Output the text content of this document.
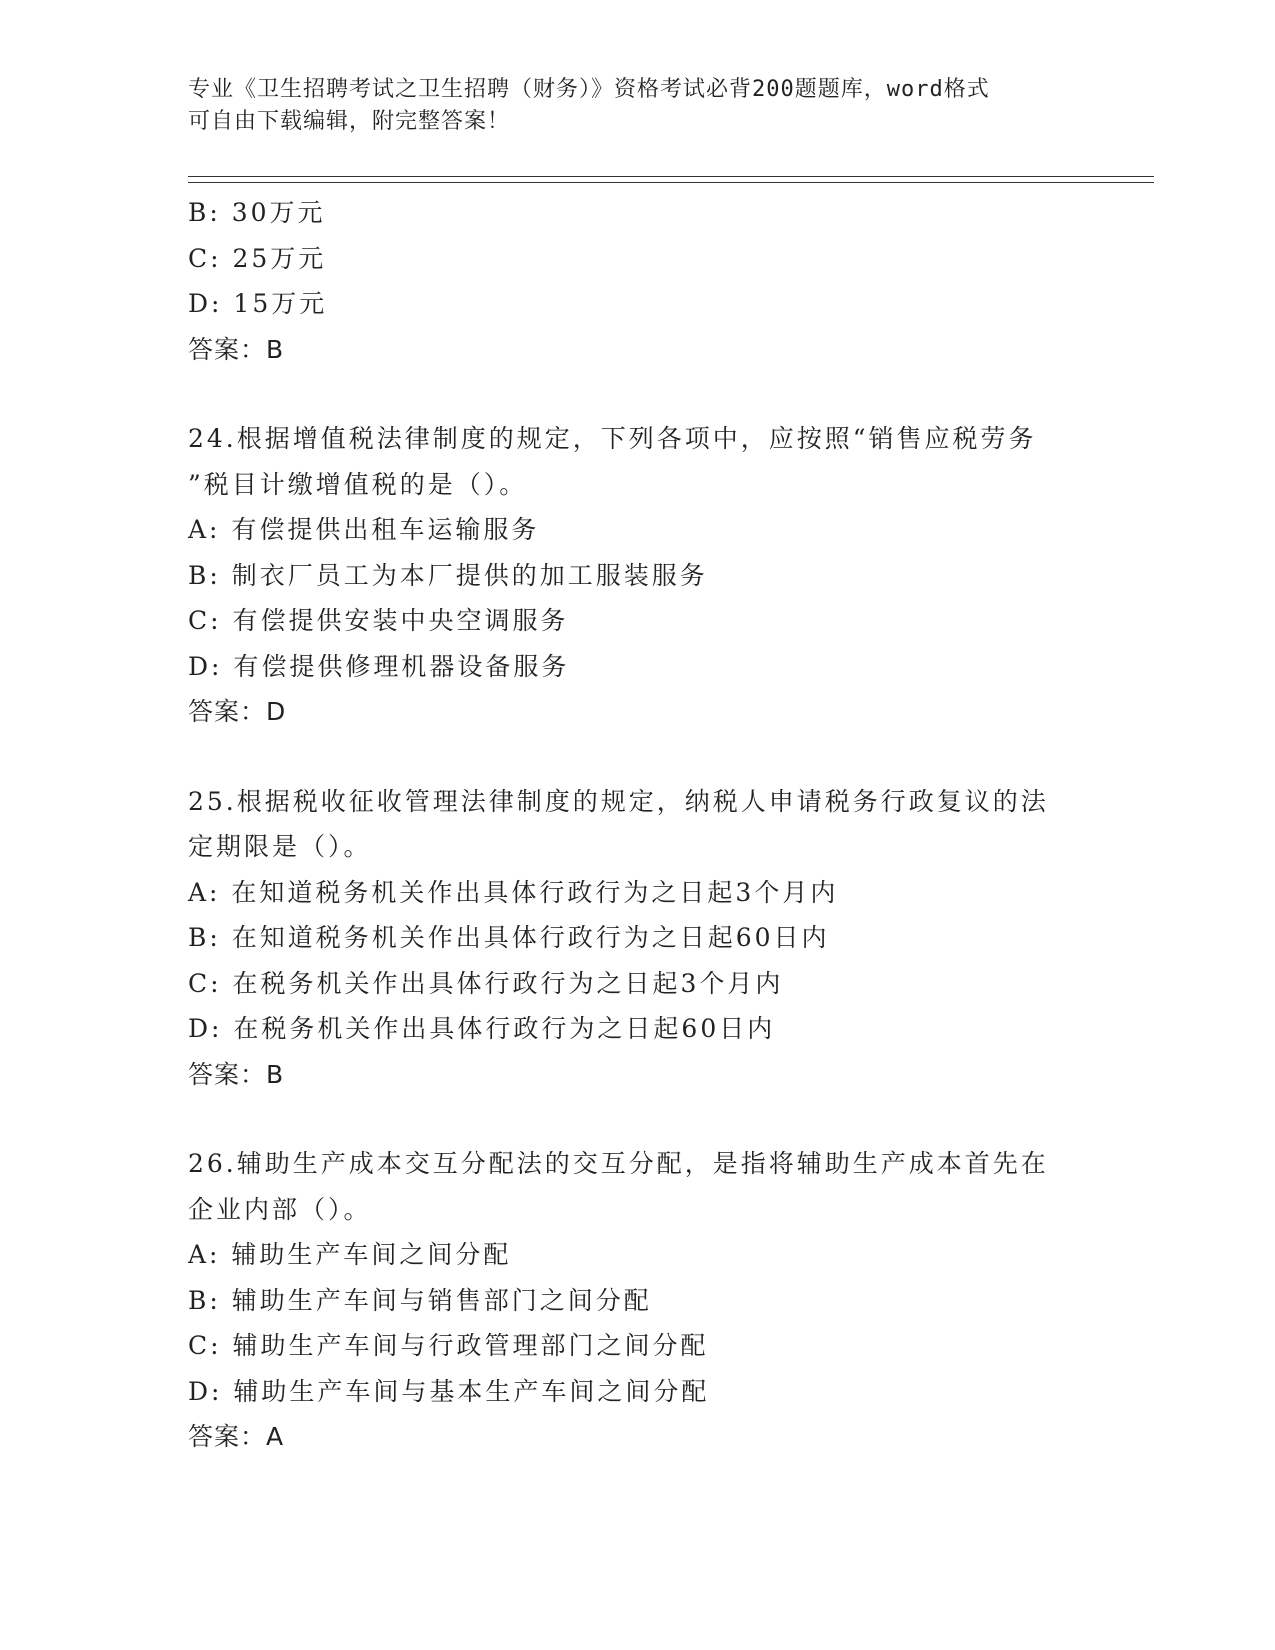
专业《卫生招聘考试之卫生招聘（财务）》资格考试必背200题题库，word格式
可自由下载编辑，附完整答案！
B: 30万元
C: 25万元
D: 15万元
答案：B
24.根据增值税法律制度的规定，下列各项中，应按照“销售应税劳务
”税目计缴增值税的是（）。
A: 有偿提供出租车运输服务
B: 制衣厂员工为本厂提供的加工服装服务
C: 有偿提供安装中央空调服务
D: 有偿提供修理机器设备服务
答案：D
25.根据税收征收管理法律制度的规定，纳税人申请税务行政复议的法
定期限是（）。
A: 在知道税务机关作出具体行政行为之日起3个月内
B: 在知道税务机关作出具体行政行为之日起60日内
C: 在税务机关作出具体行政行为之日起3个月内
D: 在税务机关作出具体行政行为之日起60日内
答案：B
26.辅助生产成本交互分配法的交互分配，是指将辅助生产成本首先在
企业内部（）。
A: 辅助生产车间之间分配
B: 辅助生产车间与销售部门之间分配
C: 辅助生产车间与行政管理部门之间分配
D: 辅助生产车间与基本生产车间之间分配
答案：A
